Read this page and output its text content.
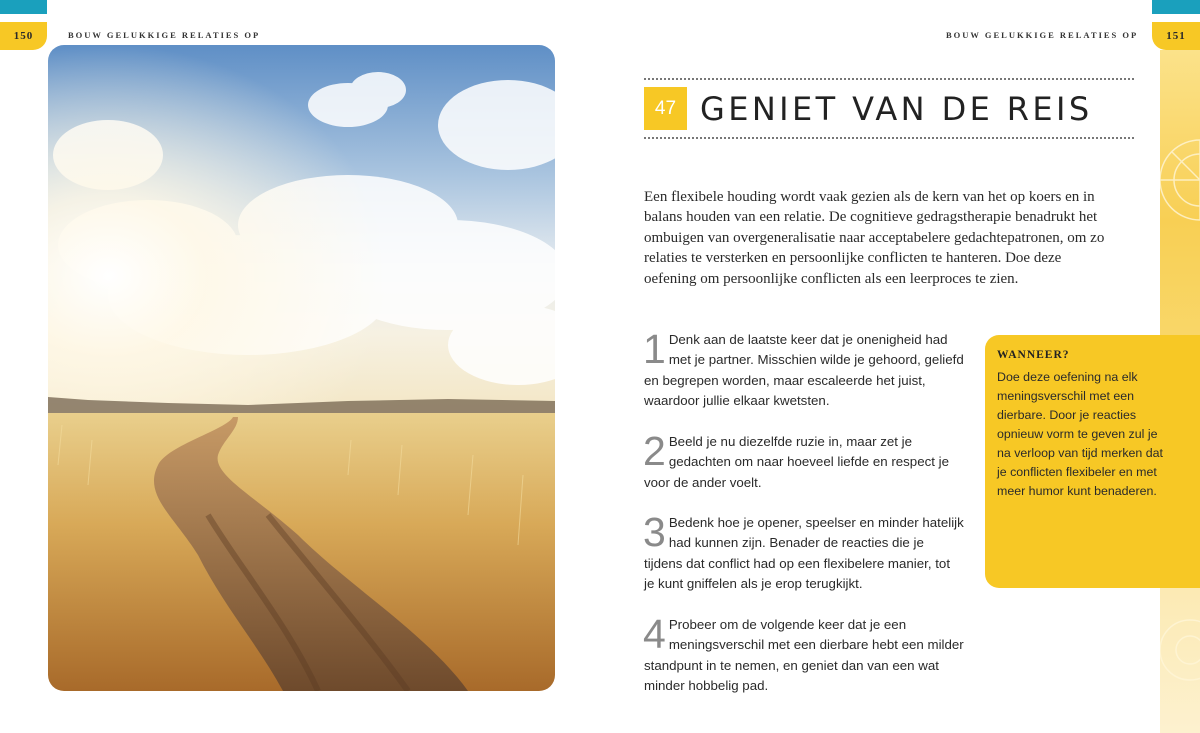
150	151
BOUW GELUKKIGE RELATIES OP	BOUW GELUKKIGE RELATIES OP
47 GENIET VAN DE REIS

Een flexibele houding wordt vaak gezien als de kern van het op koers en in balans houden van een relatie. De cognitieve gedragstherapie benadrukt het ombuigen van overgeneralisatie naar acceptabelere gedachtepatronen, om zo relaties te versterken en persoonlijke conflicten te hanteren. Doe deze oefening om persoonlijke conflicten als een leerproces te zien.

1 Denk aan de laatste keer dat je onenigheid had met je partner. Misschien wilde je gehoord, geliefd en begrepen worden, maar escaleerde het juist, waardoor jullie elkaar kwetsten.
2 Beeld je nu diezelfde ruzie in, maar zet je gedachten om naar hoeveel liefde en respect je voor de ander voelt.
3 Bedenk hoe je opener, speelser en minder hatelijk had kunnen zijn. Benader de reacties die je tijdens dat conflict had op een flexibelere manier, tot je kunt gniffelen als je erop terugkijkt.
4 Probeer om de volgende keer dat je een meningsverschil met een dierbare hebt een milder standpunt in te nemen, en geniet dan van een wat minder hobbelig pad.
WANNEER?

Doe deze oefening na elk meningsverschil met een dierbare. Door je reacties opnieuw vorm te geven zul je na verloop van tijd merken dat je conflicten flexibeler en met meer humor kunt benaderen.
